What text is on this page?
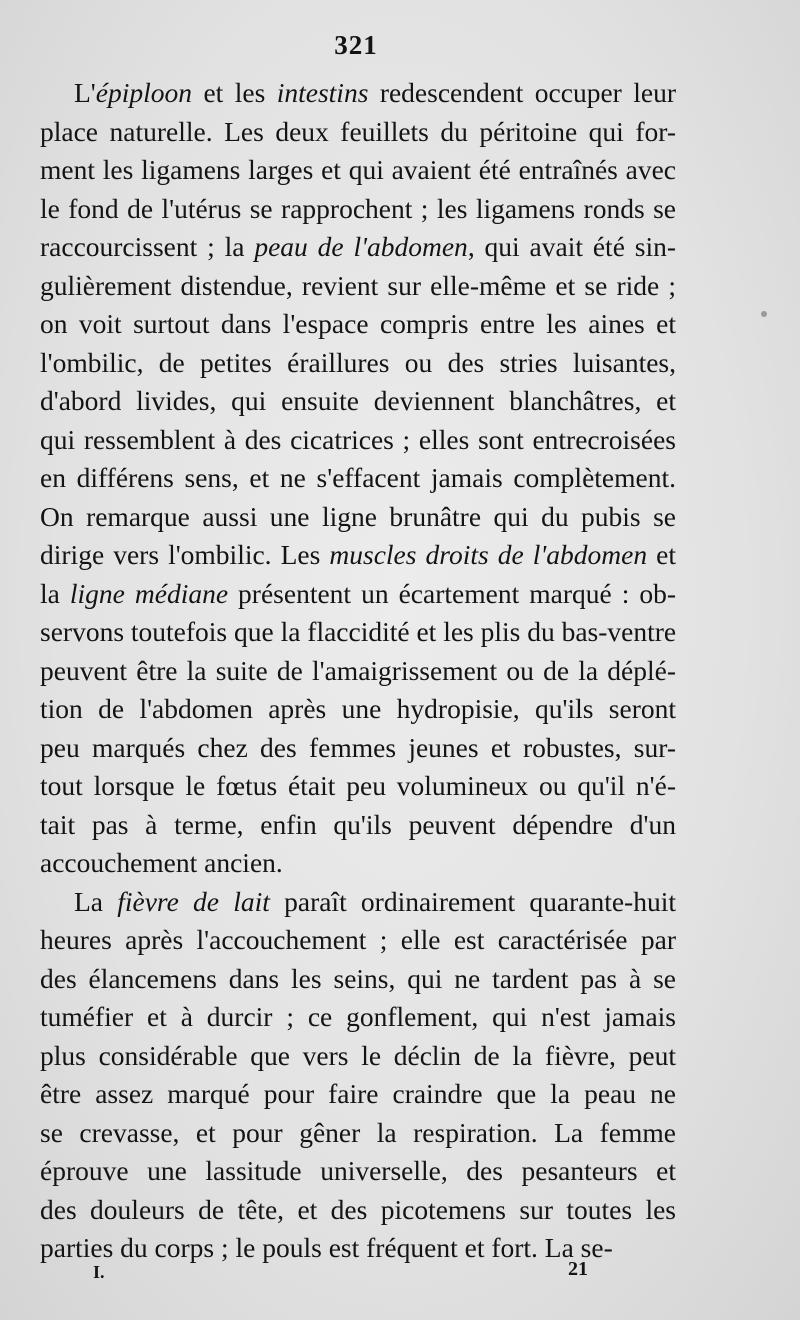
321
L'épiploon et les intestins redescendent occuper leur
place naturelle. Les deux feuillets du péritoine qui for-
ment les ligamens larges et qui avaient été entraînés avec
le fond de l'utérus se rapprochent ; les ligamens ronds se
raccourcissent ; la peau de l'abdomen, qui avait été sin-
gulièrement distendue, revient sur elle-même et se ride ;
on voit surtout dans l'espace compris entre les aines et
l'ombilic, de petites éraillures ou des stries luisantes,
d'abord livides, qui ensuite deviennent blanchâtres, et
qui ressemblent à des cicatrices ; elles sont entrecroisées
en différens sens, et ne s'effacent jamais complètement.
On remarque aussi une ligne brunâtre qui du pubis se
dirige vers l'ombilic. Les muscles droits de l'abdomen et
la ligne médiane présentent un écartement marqué : ob-
servons toutefois que la flaccidité et les plis du bas-ventre
peuvent être la suite de l'amaigrissement ou de la déplé-
tion de l'abdomen après une hydropisie, qu'ils seront
peu marqués chez des femmes jeunes et robustes, sur-
tout lorsque le fœtus était peu volumineux ou qu'il n'é-
tait pas à terme, enfin qu'ils peuvent dépendre d'un
accouchement ancien.
La fièvre de lait paraît ordinairement quarante-huit
heures après l'accouchement ; elle est caractérisée par
des élancemens dans les seins, qui ne tardent pas à se
tuméfier et à durcir ; ce gonflement, qui n'est jamais
plus considérable que vers le déclin de la fièvre, peut
être assez marqué pour faire craindre que la peau ne
se crevasse, et pour gêner la respiration. La femme
éprouve une lassitude universelle, des pesanteurs et
des douleurs de tête, et des picotemens sur toutes les
parties du corps ; le pouls est fréquent et fort. La se-
I.	21
